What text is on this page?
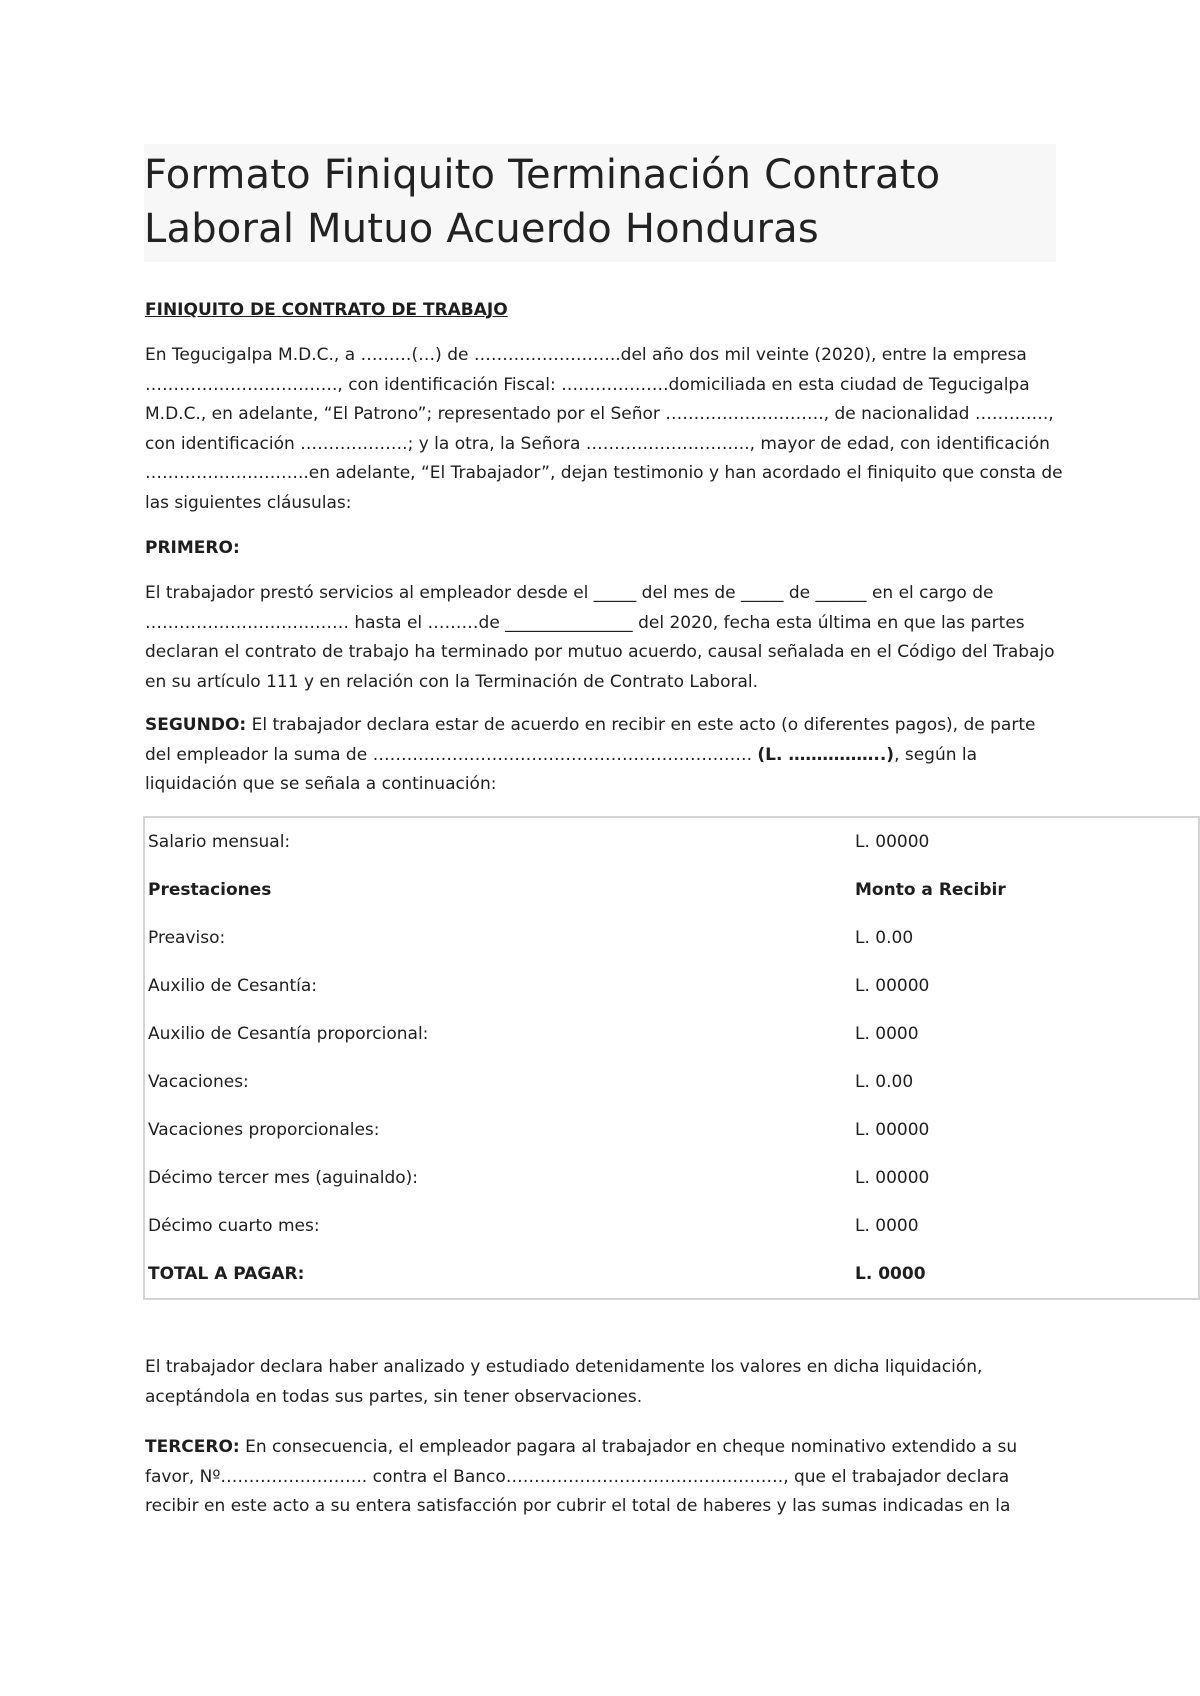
Formato Finiquito Terminación Contrato Laboral Mutuo Acuerdo Honduras
FINIQUITO DE CONTRATO DE TRABAJO

En Tegucigalpa M.D.C., a ………(…) de ……………………..del año dos mil veinte (2020), entre la empresa ……………………………., con identificación Fiscal: ……………….domiciliada en esta ciudad de Tegucigalpa M.D.C., en adelante, “El Patrono”; representado por el Señor ………………………., de nacionalidad …………., con identificación ……………….; y la otra, la Señora ……………………….., mayor de edad, con identificación ………………………..en adelante, “El Trabajador”, dejan testimonio y han acordado el finiquito que consta de las siguientes cláusulas:

PRIMERO:

El trabajador prestó servicios al empleador desde el _____ del mes de _____ de ______ en el cargo de ……………………………… hasta el ………de _______________ del 2020, fecha esta última en que las partes declaran el contrato de trabajo ha terminado por mutuo acuerdo, causal señalada en el Código del Trabajo en su artículo 111 y en relación con la Terminación de Contrato Laboral.

SEGUNDO: El trabajador declara estar de acuerdo en recibir en este acto (o diferentes pagos), de parte del empleador la suma de …………………………………………………………. (L. ……………..), según la liquidación que se señala a continuación:

Salario mensual:	L. 00000
Prestaciones	Monto a Recibir
Preaviso:	L. 0.00
Auxilio de Cesantía:	L. 00000
Auxilio de Cesantía proporcional:	L. 0000
Vacaciones:	L. 0.00
Vacaciones proporcionales:	L. 00000
Décimo tercer mes (aguinaldo):	L. 00000
Décimo cuarto mes:	L. 0000
TOTAL A PAGAR:	L. 0000

El trabajador declara haber analizado y estudiado detenidamente los valores en dicha liquidación, aceptándola en todas sus partes, sin tener observaciones.

TERCERO: En consecuencia, el empleador pagara al trabajador en cheque nominativo extendido a su favor, Nº…………………….. contra el Banco…………………………………………., que el trabajador declara recibir en este acto a su entera satisfacción por cubrir el total de haberes y las sumas indicadas en la
